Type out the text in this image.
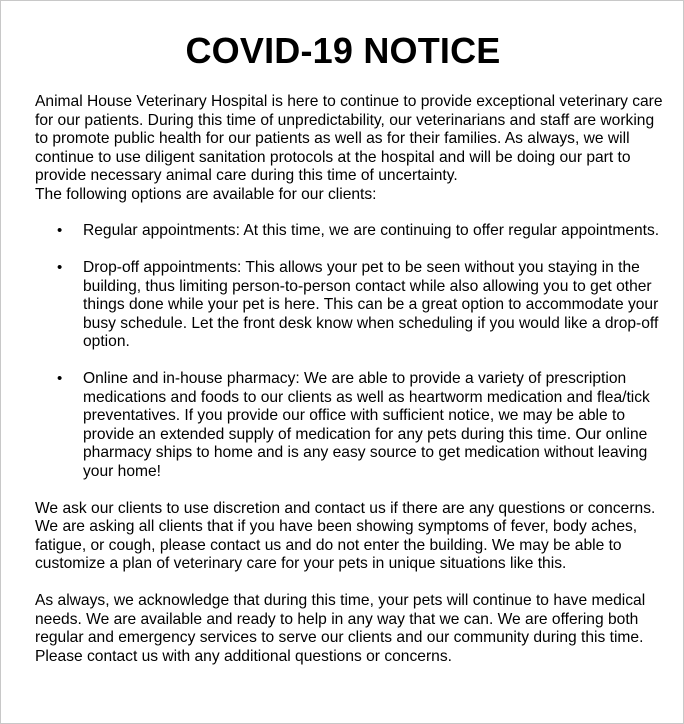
COVID-19 NOTICE

Animal House Veterinary Hospital is here to continue to provide exceptional veterinary care for our patients. During this time of unpredictability, our veterinarians and staff are working to promote public health for our patients as well as for their families. As always, we will continue to use diligent sanitation protocols at the hospital and will be doing our part to provide necessary animal care during this time of uncertainty.

The following options are available for our clients:

• Regular appointments: At this time, we are continuing to offer regular appointments.
• Drop-off appointments: This allows your pet to be seen without you staying in the building, thus limiting person-to-person contact while also allowing you to get other things done while your pet is here. This can be a great option to accommodate your busy schedule. Let the front desk know when scheduling if you would like a drop-off option.
• Online and in-house pharmacy: We are able to provide a variety of prescription medications and foods to our clients as well as heartworm medication and flea/tick preventatives. If you provide our office with sufficient notice, we may be able to provide an extended supply of medication for any pets during this time. Our online pharmacy ships to home and is any easy source to get medication without leaving your home!

We ask our clients to use discretion and contact us if there are any questions or concerns. We are asking all clients that if you have been showing symptoms of fever, body aches, fatigue, or cough, please contact us and do not enter the building. We may be able to customize a plan of veterinary care for your pets in unique situations like this.

As always, we acknowledge that during this time, your pets will continue to have medical needs. We are available and ready to help in any way that we can. We are offering both regular and emergency services to serve our clients and our community during this time. Please contact us with any additional questions or concerns.
